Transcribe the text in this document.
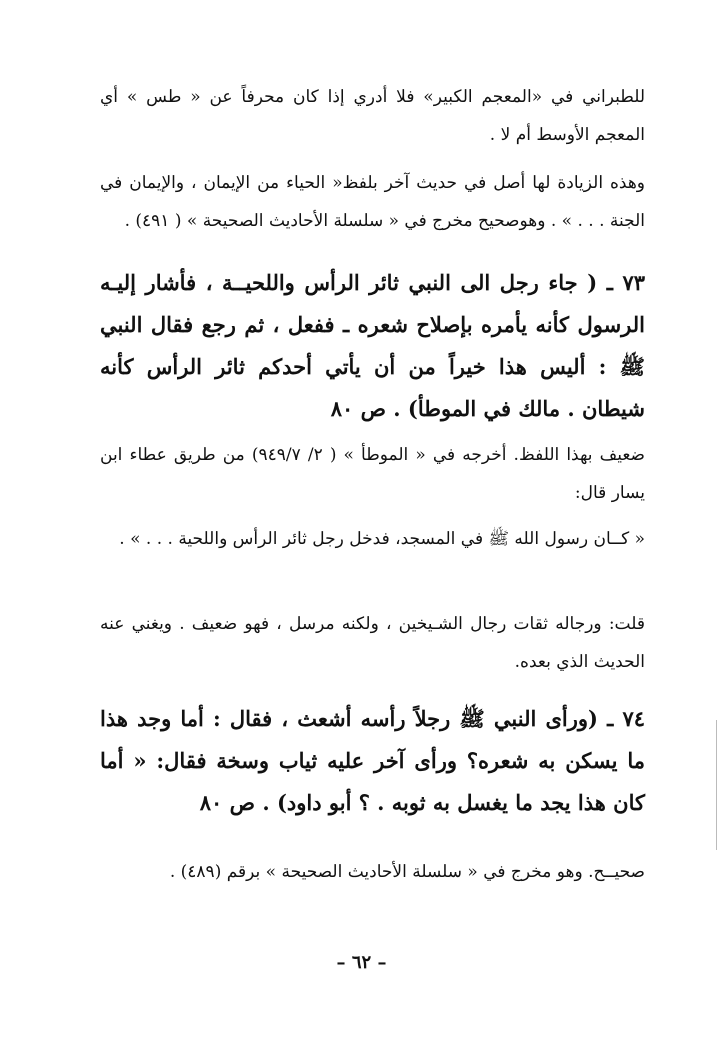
للطبراني في «المعجم الكبير» فلا أدري إذا كان محرفاً عن « طس » أي المعجم الأوسط أم لا .

وهذه الزيادة لها أصل في حديث آخر بلفظ« الحياء من الإيمان ، والإيمان في الجنة . . . » . وهوصحيح مخرج في « سلسلة الأحاديث الصحيحة » ( ٤٩١) .

٧٣ ـ ( جاء رجل الى النبي ثائر الرأس واللحيــة ، فأشار إليـه الرسول كأنه يأمره بإصلاح شعره ـ ففعل ، ثم رجع فقال النبي ﷺ : أليس هذا خيراً من أن يأتي أحدكم ثائر الرأس كأنه شيطان . مالك في الموطأ) . ص ٨٠

ضعيف بهذا اللفظ. أخرجه في « الموطأ » ( ٢/ ٩٤٩/٧) من طريق عطاء ابن يسار قال:

« كــان رسول الله ﷺ في المسجد، فدخل رجل ثائر الرأس واللحية . . . » .

قلت: ورجاله ثقات رجال الشـيخين ، ولكنه مرسل ، فهو ضعيف . ويغني عنه الحديث الذي بعده.

٧٤ ـ (ورأى النبي ﷺ رجلاً رأسه أشعث ، فقال : أما وجد هذا ما يسكن به شعره؟ ورأى آخر عليه ثياب وسخة فقال: « أما كان هذا يجد ما يغسل به ثوبه . ؟ أبو داود) . ص ٨٠

صحيــح. وهو مخرج في « سلسلة الأحاديث الصحيحة » برقم (٤٨٩) .

– ٦٢ –
